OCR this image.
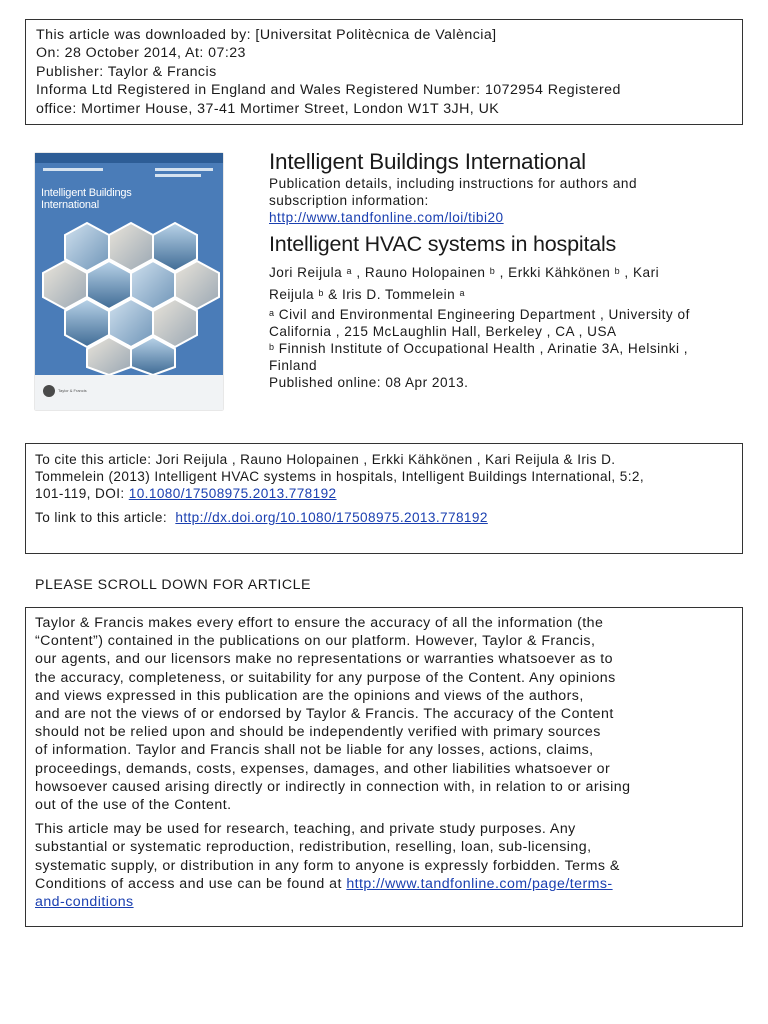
This article was downloaded by: [Universitat Politècnica de València]
On: 28 October 2014, At: 07:23
Publisher: Taylor & Francis
Informa Ltd Registered in England and Wales Registered Number: 1072954 Registered
office: Mortimer House, 37-41 Mortimer Street, London W1T 3JH, UK
Intelligent Buildings
International
Taylor & Francis
Intelligent Buildings International
Publication details, including instructions for authors and
subscription information:
http://www.tandfonline.com/loi/tibi20
Intelligent HVAC systems in hospitals
Jori Reijula $^a$ , Rauno Holopainen $^b$ , Erkki Kähkönen $^b$ , Kari
Reijula $^b$ & Iris D. Tommelein $^a$
$^a$ Civil and Environmental Engineering Department , University of
California , 215 McLaughlin Hall, Berkeley , CA , USA
$^b$ Finnish Institute of Occupational Health , Arinatie 3A, Helsinki ,
Finland
Published online: 08 Apr 2013.
To cite this article: Jori Reijula , Rauno Holopainen , Erkki Kähkönen , Kari Reijula & Iris D.
Tommelein (2013) Intelligent HVAC systems in hospitals, Intelligent Buildings International, 5:2,
101-119, DOI: 10.1080/17508975.2013.778192
To link to this article: http://dx.doi.org/10.1080/17508975.2013.778192
PLEASE SCROLL DOWN FOR ARTICLE
Taylor & Francis makes every effort to ensure the accuracy of all the information (the
“Content”) contained in the publications on our platform. However, Taylor & Francis,
our agents, and our licensors make no representations or warranties whatsoever as to
the accuracy, completeness, or suitability for any purpose of the Content. Any opinions
and views expressed in this publication are the opinions and views of the authors,
and are not the views of or endorsed by Taylor & Francis. The accuracy of the Content
should not be relied upon and should be independently verified with primary sources
of information. Taylor and Francis shall not be liable for any losses, actions, claims,
proceedings, demands, costs, expenses, damages, and other liabilities whatsoever or
howsoever caused arising directly or indirectly in connection with, in relation to or arising
out of the use of the Content.
This article may be used for research, teaching, and private study purposes. Any
substantial or systematic reproduction, redistribution, reselling, loan, sub-licensing,
systematic supply, or distribution in any form to anyone is expressly forbidden. Terms &
Conditions of access and use can be found at http://www.tandfonline.com/page/terms-
and-conditions
